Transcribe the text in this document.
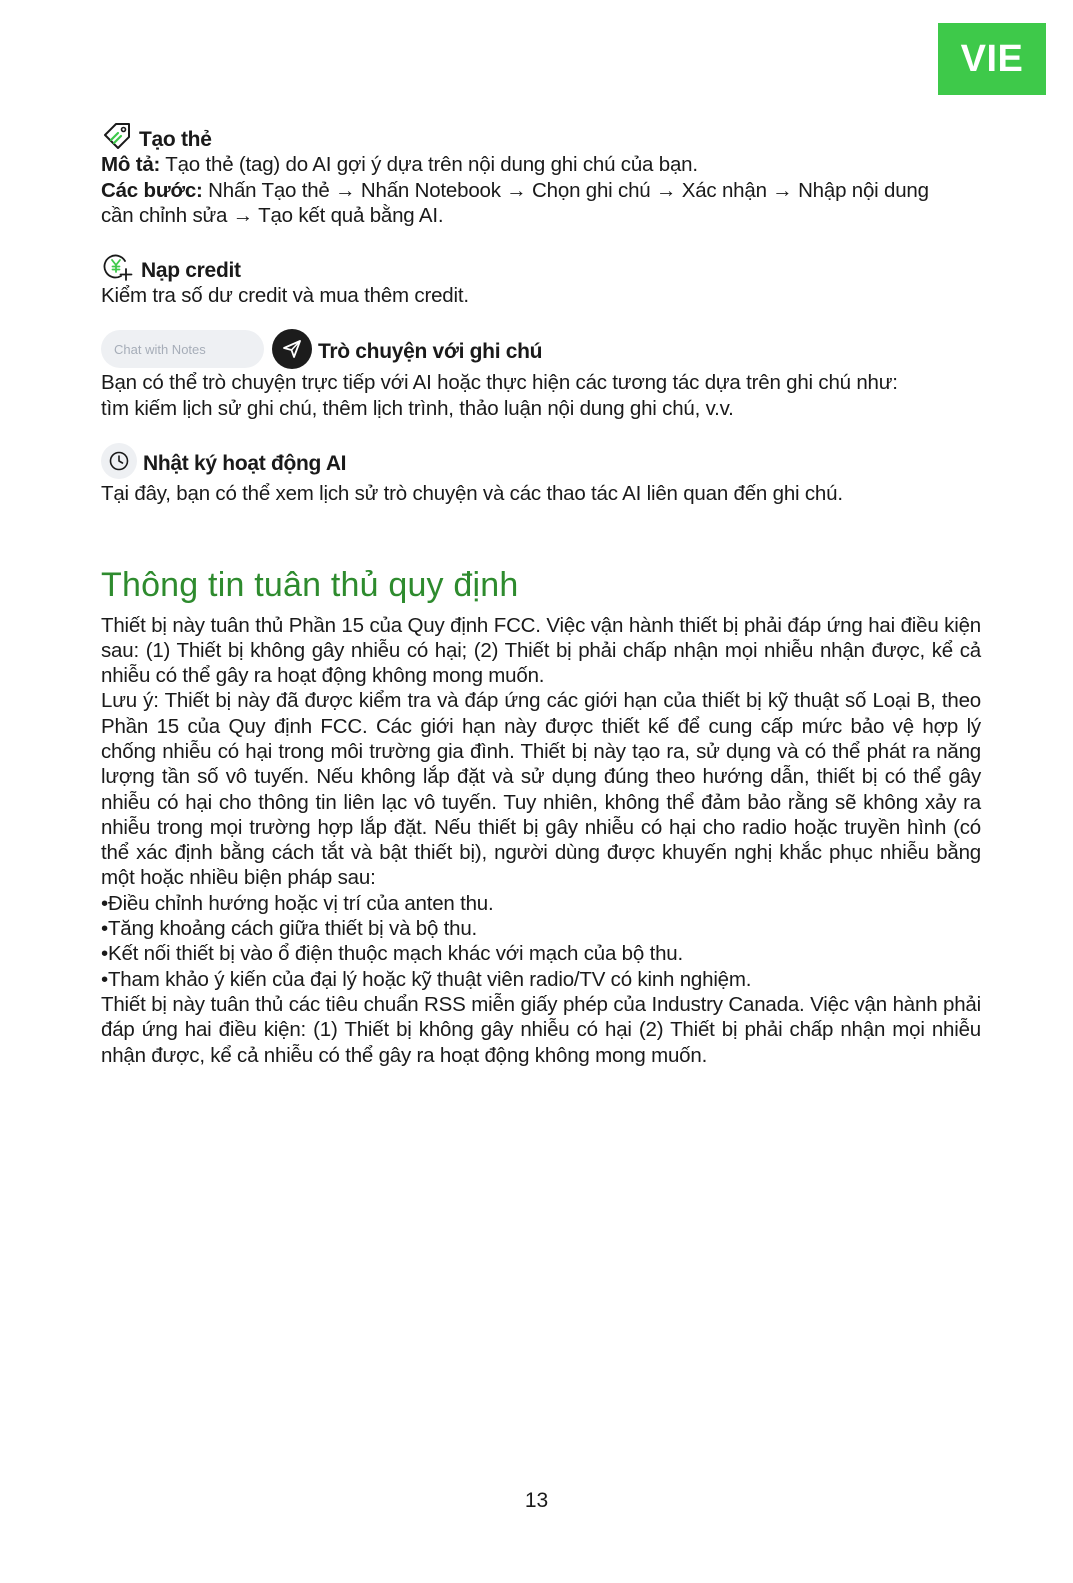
VIE
Tạo thẻ
Mô tả: Tạo thẻ (tag) do AI gợi ý dựa trên nội dung ghi chú của bạn.
Các bước: Nhấn Tạo thẻ → Nhấn Notebook → Chọn ghi chú → Xác nhận → Nhập nội dung
cần chỉnh sửa → Tạo kết quả bằng AI.
Nạp credit
Kiểm tra số dư credit và mua thêm credit.
Chat with Notes	Trò chuyện với ghi chú
Bạn có thể trò chuyện trực tiếp với AI hoặc thực hiện các tương tác dựa trên ghi chú như:
tìm kiếm lịch sử ghi chú, thêm lịch trình, thảo luận nội dung ghi chú, v.v.
Nhật ký hoạt động AI
Tại đây, bạn có thể xem lịch sử trò chuyện và các thao tác AI liên quan đến ghi chú.
Thông tin tuân thủ quy định
Thiết bị này tuân thủ Phần 15 của Quy định FCC. Việc vận hành thiết bị phải đáp ứng hai điều kiện sau: (1) Thiết bị không gây nhiễu có hại; (2) Thiết bị phải chấp nhận mọi nhiễu nhận được, kể cả nhiễu có thể gây ra hoạt động không mong muốn.
Lưu ý: Thiết bị này đã được kiểm tra và đáp ứng các giới hạn của thiết bị kỹ thuật số Loại B, theo Phần 15 của Quy định FCC. Các giới hạn này được thiết kế để cung cấp mức bảo vệ hợp lý chống nhiễu có hại trong môi trường gia đình. Thiết bị này tạo ra, sử dụng và có thể phát ra năng lượng tần số vô tuyến. Nếu không lắp đặt và sử dụng đúng theo hướng dẫn, thiết bị có thể gây nhiễu có hại cho thông tin liên lạc vô tuyến. Tuy nhiên, không thể đảm bảo rằng sẽ không xảy ra nhiễu trong mọi trường hợp lắp đặt. Nếu thiết bị gây nhiễu có hại cho radio hoặc truyền hình (có thể xác định bằng cách tắt và bật thiết bị), người dùng được khuyến nghị khắc phục nhiễu bằng một hoặc nhiều biện pháp sau:
•Điều chỉnh hướng hoặc vị trí của anten thu.
•Tăng khoảng cách giữa thiết bị và bộ thu.
•Kết nối thiết bị vào ổ điện thuộc mạch khác với mạch của bộ thu.
•Tham khảo ý kiến của đại lý hoặc kỹ thuật viên radio/TV có kinh nghiệm.
Thiết bị này tuân thủ các tiêu chuẩn RSS miễn giấy phép của Industry Canada. Việc vận hành phải đáp ứng hai điều kiện: (1) Thiết bị không gây nhiễu có hại (2) Thiết bị phải chấp nhận mọi nhiễu nhận được, kể cả nhiễu có thể gây ra hoạt động không mong muốn.
13
